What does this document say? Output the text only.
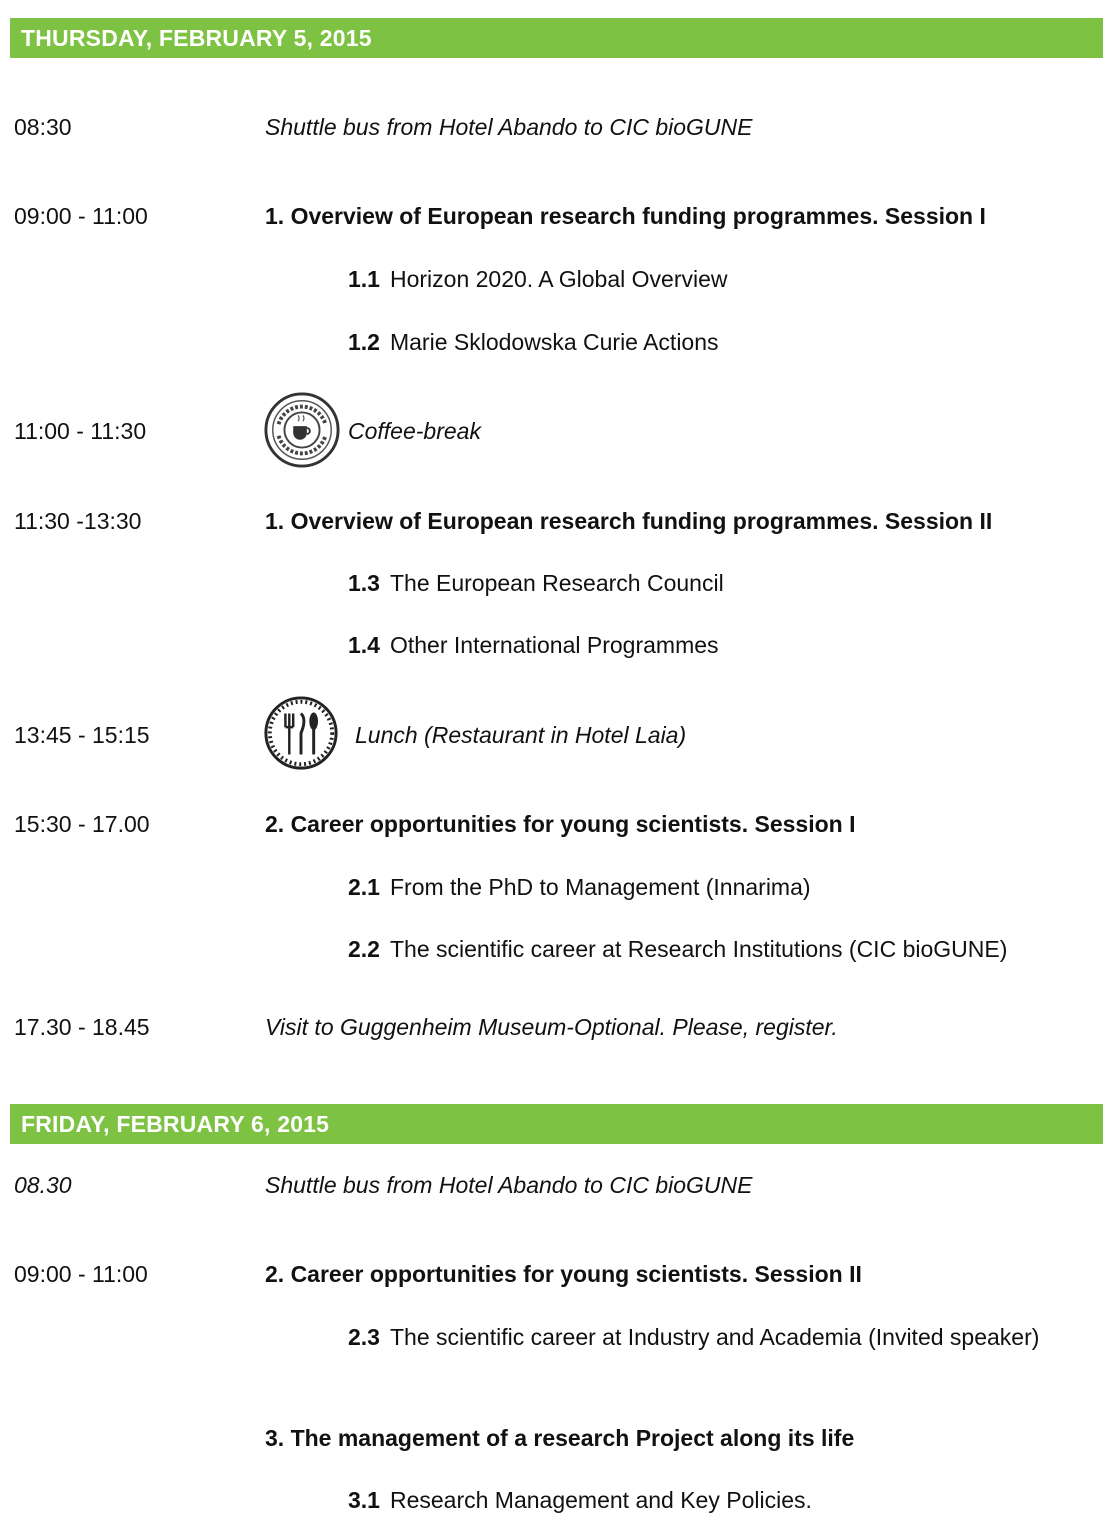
THURSDAY, FEBRUARY 5, 2015
08:30	Shuttle bus from Hotel Abando to CIC bioGUNE
09:00 - 11:00	1. Overview of European research funding programmes. Session I
1.1 Horizon 2020. A Global Overview
1.2 Marie Sklodowska Curie Actions
11:00 - 11:30	Coffee-break
11:30 -13:30	1. Overview of European research funding programmes. Session II
1.3 The European Research Council
1.4 Other International Programmes
13:45 - 15:15	Lunch (Restaurant in Hotel Laia)
15:30 - 17.00	2. Career opportunities for young scientists. Session I
2.1 From the PhD to Management (Innarima)
2.2 The scientific career at Research Institutions (CIC bioGUNE)
17.30 - 18.45	Visit to Guggenheim Museum-Optional. Please, register.
FRIDAY, FEBRUARY 6, 2015
08.30	Shuttle bus from Hotel Abando to CIC bioGUNE
09:00 - 11:00	2. Career opportunities for young scientists. Session II
2.3 The scientific career at Industry and Academia (Invited speaker)
3. The management of a research Project along its life
3.1 Research Management and Key Policies.
